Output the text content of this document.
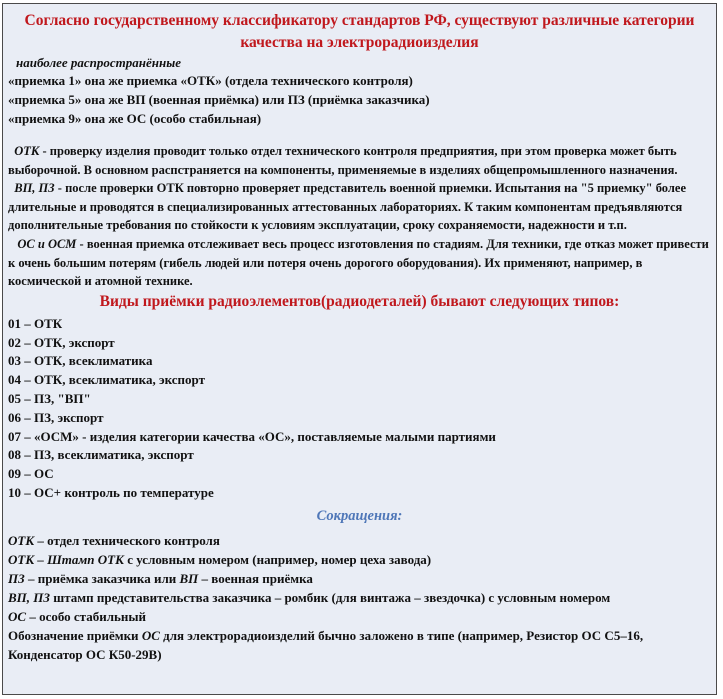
Согласно государственному классификатору стандартов РФ, существуют различные категории качества на электрорадиоизделия
наиболее распространённые
«приемка 1» она же приемка «ОТК» (отдела технического контроля)
«приемка 5» она же ВП (военная приёмка) или ПЗ (приёмка заказчика)
«приемка 9» она же ОС (особо стабильная)
ОТК - проверку изделия проводит только отдел технического контроля предприятия, при этом проверка может быть выборочной. В основном распстраняется на компоненты, применяемые в изделиях общепромышленного назначения.
ВП, ПЗ - после проверки ОТК повторно проверяет представитель военной приемки. Испытания на "5 приемку" более длительные и проводятся в специализированных аттестованных лабораториях. К таким компонентам предъявляются дополнительные требования по стойкости к условиям эксплуатации, сроку сохраняемости, надежности и т.п.
ОС и ОСМ - военная приемка отслеживает весь процесс изготовления по стадиям. Для техники, где отказ может привести к очень большим потерям (гибель людей или потеря очень дорогого оборудования). Их применяют, например, в космической и атомной технике.
Виды приёмки радиоэлементов(радиодеталей) бывают следующих типов:
01 – ОТК
02 – ОТК, экспорт
03 – ОТК, всеклиматика
04 – ОТК, всеклиматика, экспорт
05 – ПЗ, "ВП"
06 – ПЗ, экспорт
07 – «ОСМ» - изделия категории качества «ОС», поставляемые малыми партиями
08 – ПЗ, всеклиматика, экспорт
09 – ОС
10 – ОС+ контроль по температуре
Сокращения:
ОТК – отдел технического контроля
ОТК – Штамп ОТК с условным номером (например, номер цеха завода)
ПЗ – приёмка заказчика или ВП – военная приёмка
ВП, ПЗ штамп представительства заказчика – ромбик (для винтажа – звездочка) с условным номером
ОС – особо стабильный
Обозначение приёмки ОС для электрорадиоизделий бычно заложено в типе (например, Резистор ОС С5–16, Конденсатор ОС К50-29В)
